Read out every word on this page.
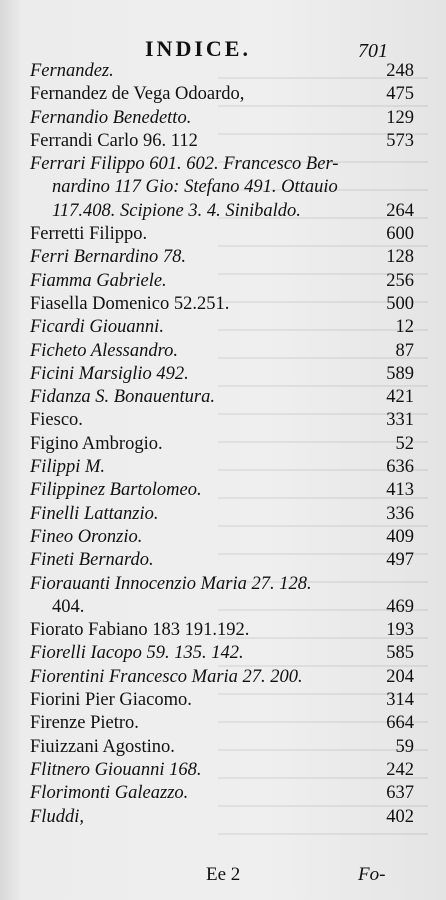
INDICE.	701
Fernandez.	248
Fernandez de Vega Odoardo,	475
Fernandio Benedetto.	129
Ferrandi Carlo 96. 112	573
Ferrari Filippo 601. 602. Francesco Ber-
nardino 117 Gio: Stefano 491. Ottauio
117.408. Scipione 3. 4. Sinibaldo.	264
Ferretti Filippo.	600
Ferri Bernardino 78.	128
Fiamma Gabriele.	256
Fiasella Domenico 52.251.	500
Ficardi Giouanni.	12
Ficheto Alessandro.	87
Ficini Marsiglio 492.	589
Fidanza S. Bonauentura.	421
Fiesco.	331
Figino Ambrogio.	52
Filippi M.	636
Filippinez Bartolomeo.	413
Finelli Lattanzio.	336
Fineo Oronzio.	409
Fineti Bernardo.	497
Fiorauanti Innocenzio Maria 27. 128.
404.	469
Fiorato Fabiano 183 191.192.	193
Fiorelli Iacopo 59. 135. 142.	585
Fiorentini Francesco Maria 27. 200.	204
Fiorini Pier Giacomo.	314
Firenze Pietro.	664
Fiuizzani Agostino.	59
Flitnero Giouanni 168.	242
Florimonti Galeazzo.	637
Fluddi,	402
Ee 2	Fo-
